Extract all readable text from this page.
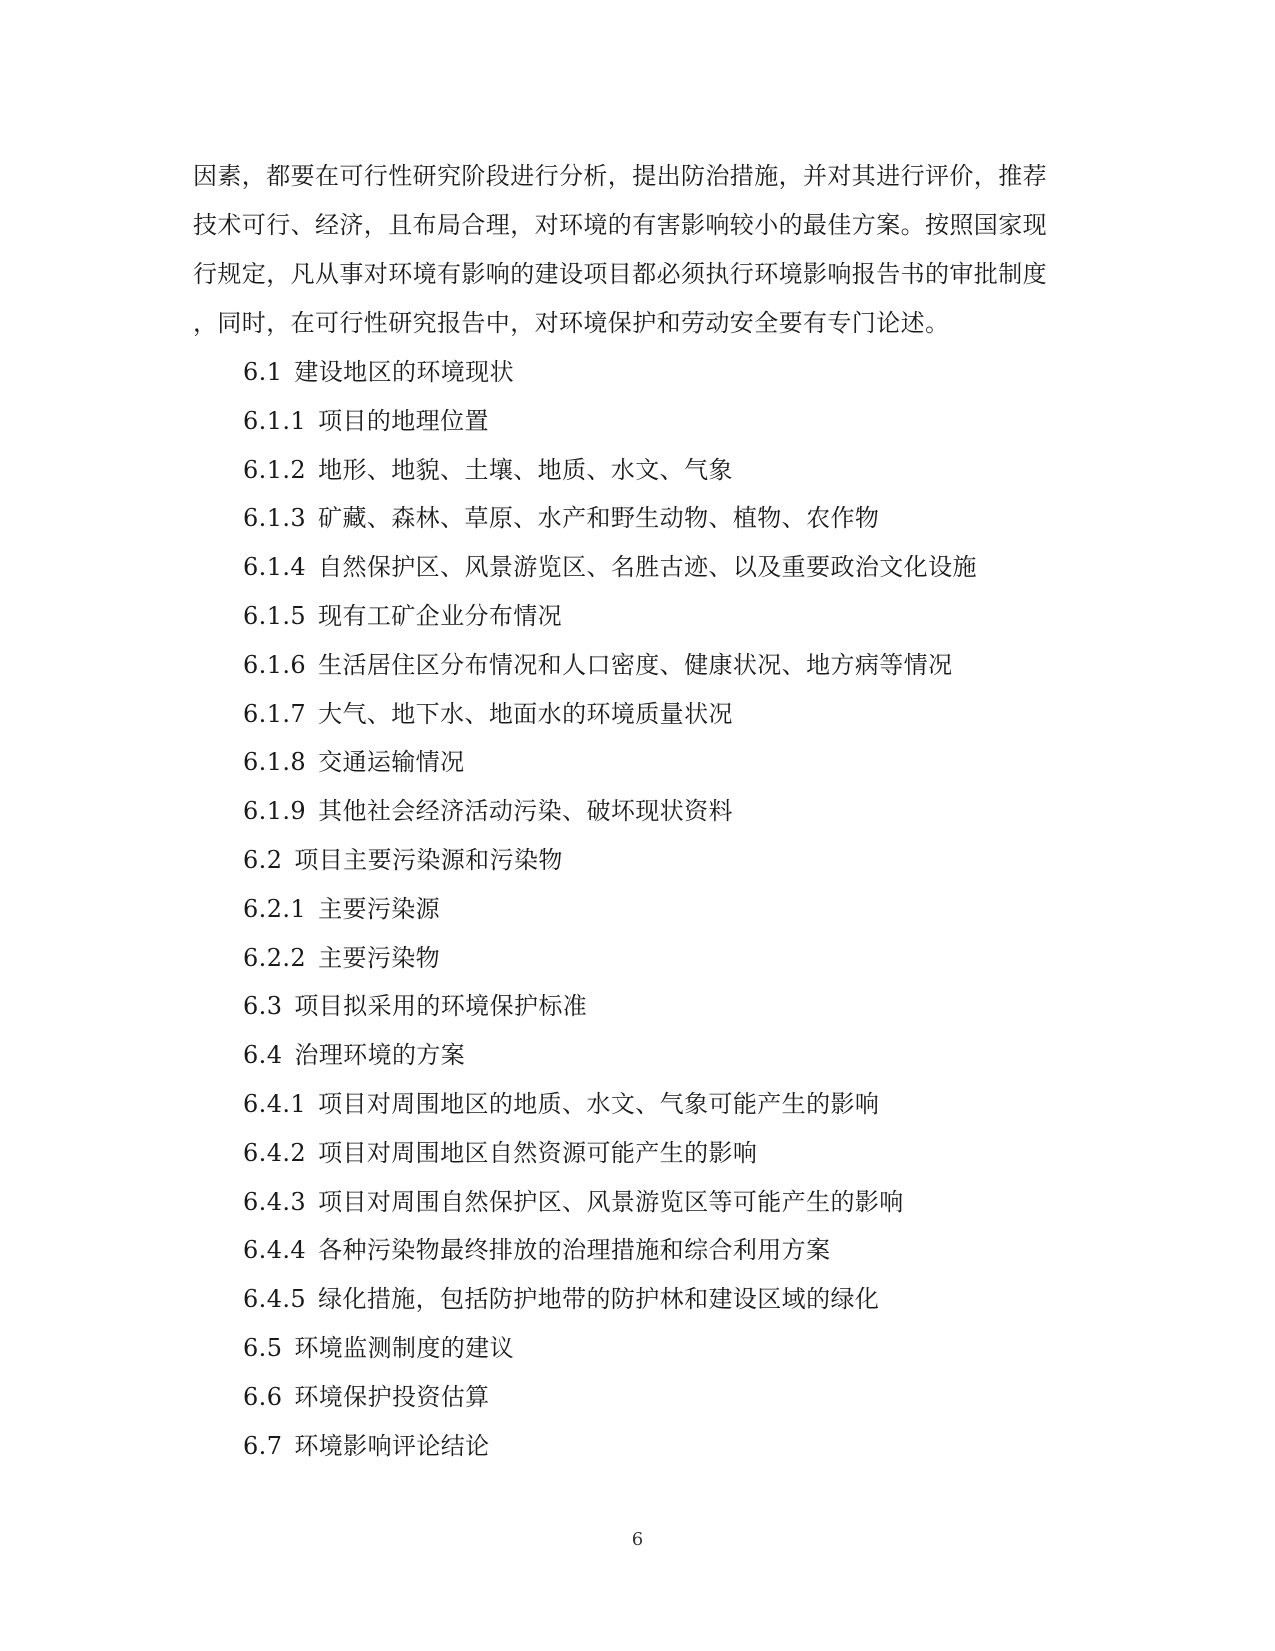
因素，都要在可行性研究阶段进行分析，提出防治措施，并对其进行评价，推荐
技术可行、经济，且布局合理，对环境的有害影响较小的最佳方案。按照国家现
行规定，凡从事对环境有影响的建设项目都必须执行环境影响报告书的审批制度
，同时，在可行性研究报告中，对环境保护和劳动安全要有专门论述。
6.1 建设地区的环境现状
6.1.1 项目的地理位置
6.1.2 地形、地貌、土壤、地质、水文、气象
6.1.3 矿藏、森林、草原、水产和野生动物、植物、农作物
6.1.4 自然保护区、风景游览区、名胜古迹、以及重要政治文化设施
6.1.5 现有工矿企业分布情况
6.1.6 生活居住区分布情况和人口密度、健康状况、地方病等情况
6.1.7 大气、地下水、地面水的环境质量状况
6.1.8 交通运输情况
6.1.9 其他社会经济活动污染、破坏现状资料
6.2 项目主要污染源和污染物
6.2.1 主要污染源
6.2.2 主要污染物
6.3 项目拟采用的环境保护标准
6.4 治理环境的方案
6.4.1 项目对周围地区的地质、水文、气象可能产生的影响
6.4.2 项目对周围地区自然资源可能产生的影响
6.4.3 项目对周围自然保护区、风景游览区等可能产生的影响
6.4.4 各种污染物最终排放的治理措施和综合利用方案
6.4.5 绿化措施，包括防护地带的防护林和建设区域的绿化
6.5 环境监测制度的建议
6.6 环境保护投资估算
6.7 环境影响评论结论
6
